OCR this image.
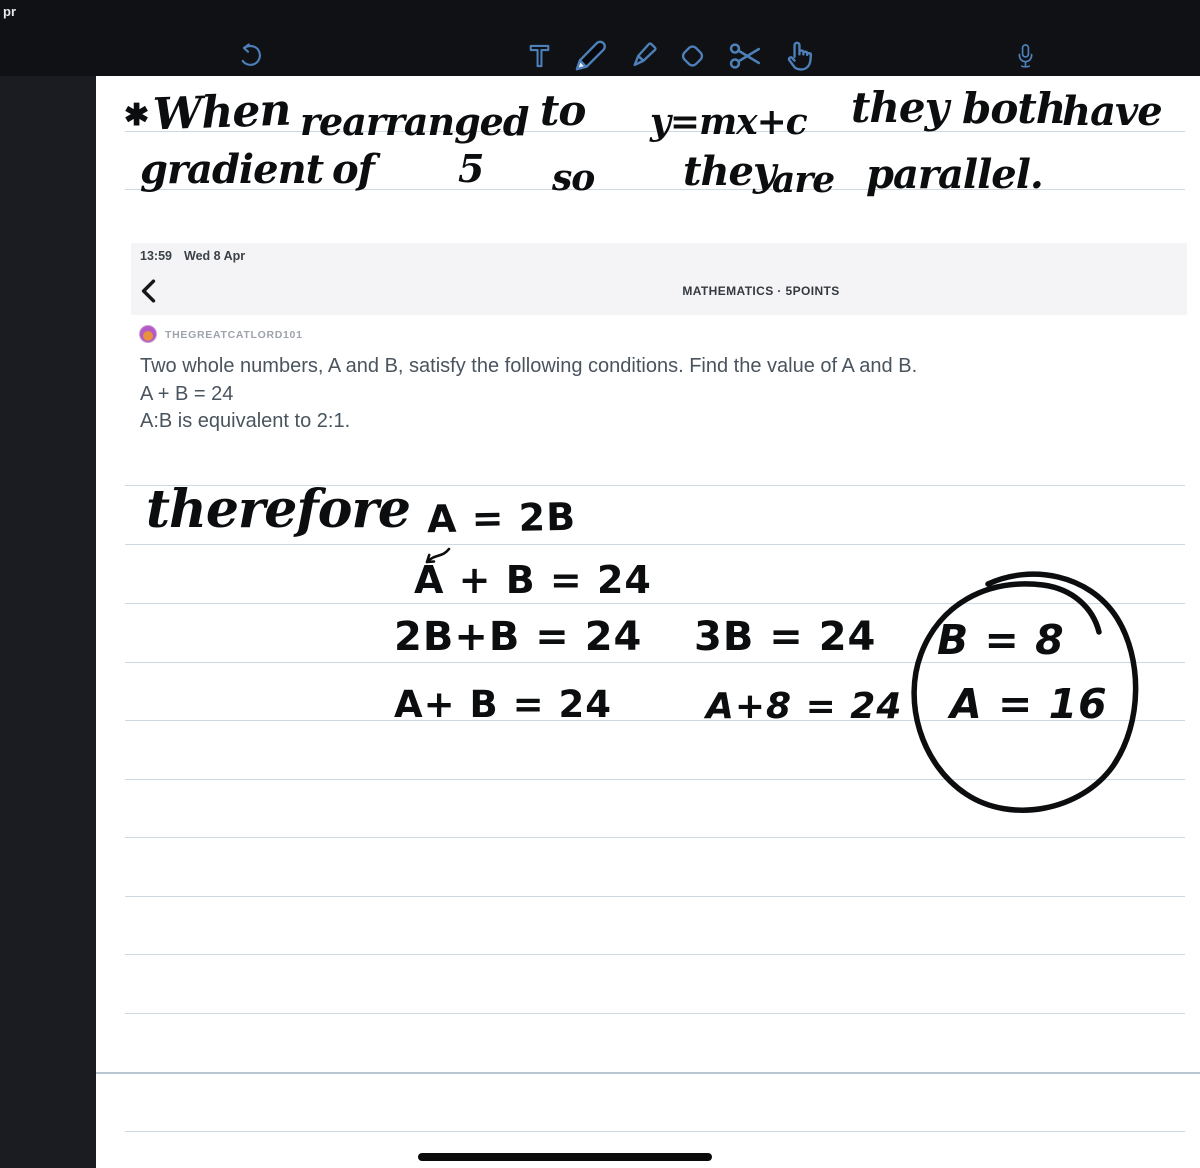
pr
✱ When rearranged to y=mx+c they both
have
gradient of 5 so they
are parallel.
13:59 Wed 8 Apr
MATHEMATICS · 5POINTS
THEGREATCATLORD101
Two whole numbers, A and B, satisfy the following conditions. Find the value of A and B.
A + B = 24
A:B is equivalent to 2:1.
therefore A = 2B
A + B = 24
2B+B = 24 3B = 24
A+ B = 24	A+8 = 24
B = 8
A = 16
